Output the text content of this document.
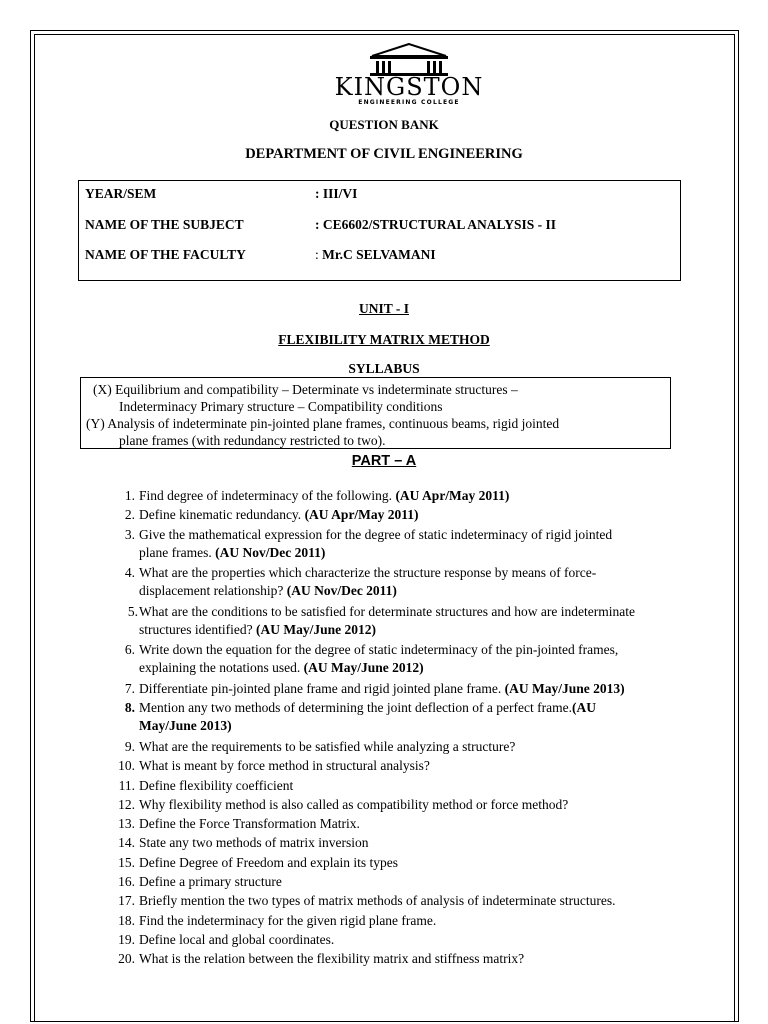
KINGSTON
ENGINEERING COLLEGE
QUESTION BANK
DEPARTMENT OF CIVIL ENGINEERING
YEAR/SEM	: III/VI
NAME OF THE SUBJECT	: CE6602/STRUCTURAL ANALYSIS - II
NAME OF THE FACULTY	: Mr.C SELVAMANI
UNIT - I
FLEXIBILITY MATRIX METHOD
SYLLABUS
(X) Equilibrium and compatibility – Determinate vs indeterminate structures –
Indeterminacy Primary structure – Compatibility conditions
(Y) Analysis of indeterminate pin-jointed plane frames, continuous beams, rigid jointed
plane frames (with redundancy restricted to two).
PART – A
1. Find degree of indeterminacy of the following. (AU Apr/May 2011)
2. Define kinematic redundancy. (AU Apr/May 2011)
3. Give the mathematical expression for the degree of static indeterminacy of rigid jointed
plane frames. (AU Nov/Dec 2011)
4. What are the properties which characterize the structure response by means of force-
displacement relationship? (AU Nov/Dec 2011)
5. What are the conditions to be satisfied for determinate structures and how are indeterminate
structures identified? (AU May/June 2012)
6. Write down the equation for the degree of static indeterminacy of the pin-jointed frames,
explaining the notations used. (AU May/June 2012)
7. Differentiate pin-jointed plane frame and rigid jointed plane frame. (AU May/June 2013)
8. Mention any two methods of determining the joint deflection of a perfect frame.(AU
May/June 2013)
9. What are the requirements to be satisfied while analyzing a structure?
10. What is meant by force method in structural analysis?
11. Define flexibility coefficient
12. Why flexibility method is also called as compatibility method or force method?
13. Define the Force Transformation Matrix.
14. State any two methods of matrix inversion
15. Define Degree of Freedom and explain its types
16. Define a primary structure
17. Briefly mention the two types of matrix methods of analysis of indeterminate structures.
18. Find the indeterminacy for the given rigid plane frame.
19. Define local and global coordinates.
20. What is the relation between the flexibility matrix and stiffness matrix?
